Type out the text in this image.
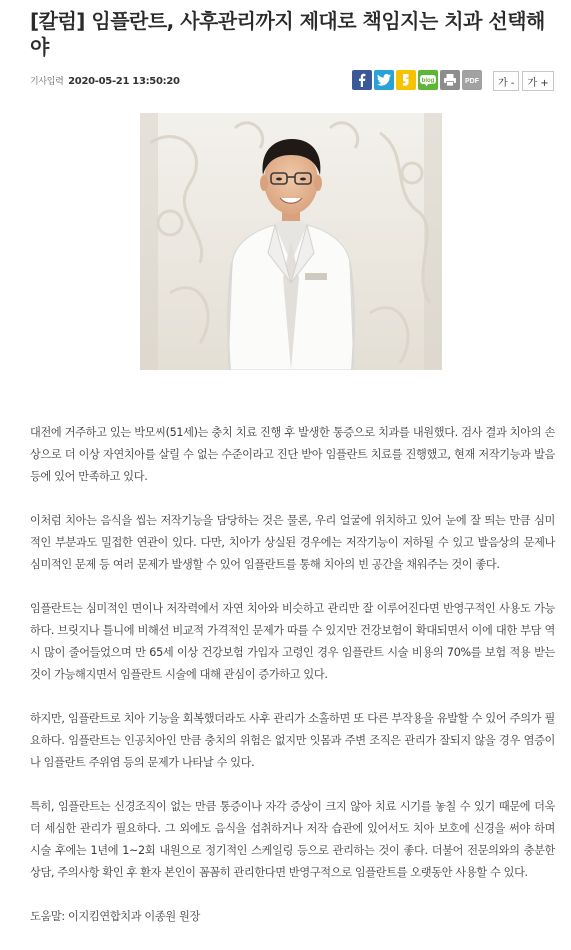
[칼럼] 임플란트, 사후관리까지 제대로 책임지는 치과 선택해야
기사입력 2020-05-21 13:50:20	blog	PDF	가 -	가 +

대전에 거주하고 있는 박모씨(51세)는 충치 치료 진행 후 발생한 통증으로 치과를 내원했다. 검사 결과 치아의 손상으로 더 이상 자연치아를 살릴 수 없는 수준이라고 진단 받아 임플란트 치료를 진행했고, 현재 저작기능과 발음 등에 있어 만족하고 있다.

이처럼 치아는 음식을 씹는 저작기능을 담당하는 것은 물론, 우리 얼굴에 위치하고 있어 눈에 잘 띄는 만큼 심미적인 부분과도 밀접한 연관이 있다. 다만, 치아가 상실된 경우에는 저작기능이 저하될 수 있고 발음상의 문제나 심미적인 문제 등 여러 문제가 발생할 수 있어 임플란트를 통해 치아의 빈 공간을 채워주는 것이 좋다.

임플란트는 심미적인 면이나 저작력에서 자연 치아와 비슷하고 관리만 잘 이루어진다면 반영구적인 사용도 가능하다. 브릿지나 틀니에 비해선 비교적 가격적인 문제가 따를 수 있지만 건강보험이 확대되면서 이에 대한 부담 역시 많이 줄어들었으며 만 65세 이상 건강보험 가입자 고령인 경우 임플란트 시술 비용의 70%를 보험 적용 받는 것이 가능해지면서 임플란트 시술에 대해 관심이 증가하고 있다.

하지만, 임플란트로 치아 기능을 회복했더라도 사후 관리가 소홀하면 또 다른 부작용을 유발할 수 있어 주의가 필요하다. 임플란트는 인공치아인 만큼 충치의 위험은 없지만 잇몸과 주변 조직은 관리가 잘되지 않을 경우 염증이나 임플란트 주위염 등의 문제가 나타날 수 있다.

특히, 임플란트는 신경조직이 없는 만큼 통증이나 자각 증상이 크지 않아 치료 시기를 놓칠 수 있기 때문에 더욱더 세심한 관리가 필요하다. 그 외에도 음식을 섭취하거나 저작 습관에 있어서도 치아 보호에 신경을 써야 하며 시술 후에는 1년에 1~2회 내원으로 정기적인 스케일링 등으로 관리하는 것이 좋다. 더불어 전문의와의 충분한 상담, 주의사항 확인 후 환자 본인이 꼼꼼히 관리한다면 반영구적으로 임플란트를 오랫동안 사용할 수 있다.

도움말: 이지킴연합치과 이종원 원장
